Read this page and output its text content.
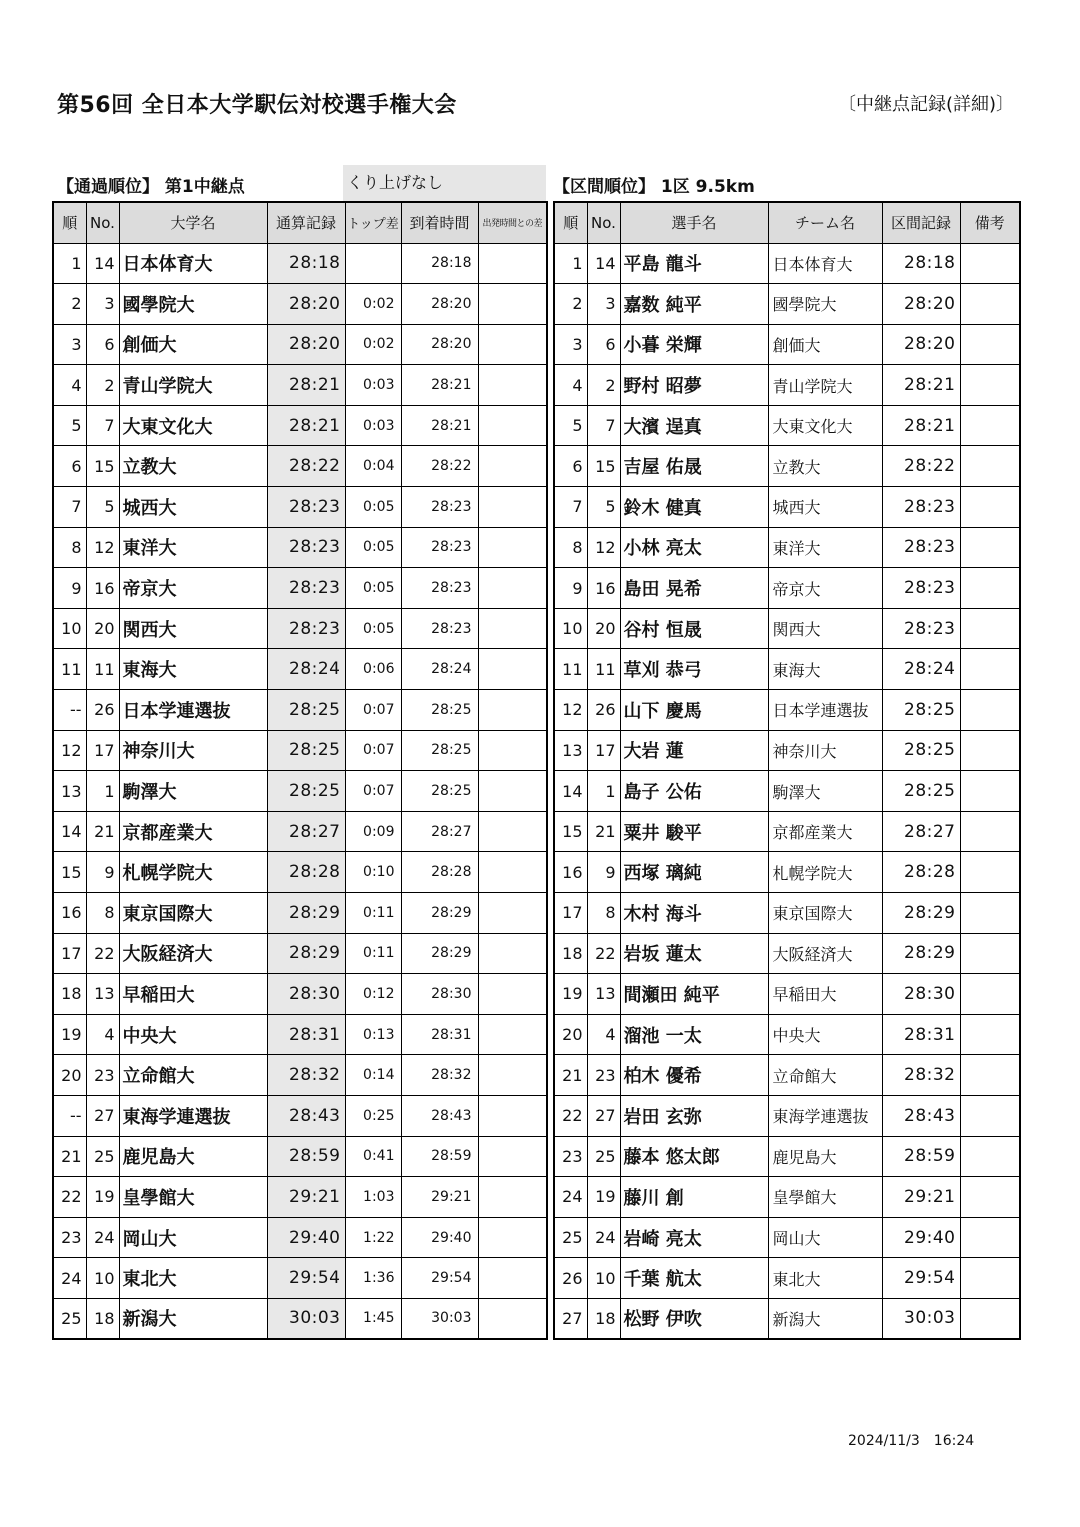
第56回 全日本大学駅伝対校選手権大会	〔中継点記録(詳細)〕
【通過順位】 第1中継点	くり上げなし	【区間順位】 1区 9.5km
順	No.	大学名	通算記録	トップ差	到着時間	出発時間との差
1	14	日本体育大	28:18		28:18	
2	3	國學院大	28:20	0:02	28:20	
3	6	創価大	28:20	0:02	28:20	
4	2	青山学院大	28:21	0:03	28:21	
5	7	大東文化大	28:21	0:03	28:21	
6	15	立教大	28:22	0:04	28:22	
7	5	城西大	28:23	0:05	28:23	
8	12	東洋大	28:23	0:05	28:23	
9	16	帝京大	28:23	0:05	28:23	
10	20	関西大	28:23	0:05	28:23	
11	11	東海大	28:24	0:06	28:24	
--	26	日本学連選抜	28:25	0:07	28:25	
12	17	神奈川大	28:25	0:07	28:25	
13	1	駒澤大	28:25	0:07	28:25	
14	21	京都産業大	28:27	0:09	28:27	
15	9	札幌学院大	28:28	0:10	28:28	
16	8	東京国際大	28:29	0:11	28:29	
17	22	大阪経済大	28:29	0:11	28:29	
18	13	早稲田大	28:30	0:12	28:30	
19	4	中央大	28:31	0:13	28:31	
20	23	立命館大	28:32	0:14	28:32	
--	27	東海学連選抜	28:43	0:25	28:43	
21	25	鹿児島大	28:59	0:41	28:59	
22	19	皇學館大	29:21	1:03	29:21	
23	24	岡山大	29:40	1:22	29:40	
24	10	東北大	29:54	1:36	29:54	
25	18	新潟大	30:03	1:45	30:03	
順	No.	選手名	チーム名	区間記録	備考
1	14	平島 龍斗	日本体育大	28:18	
2	3	嘉数 純平	國學院大	28:20	
3	6	小暮 栄輝	創価大	28:20	
4	2	野村 昭夢	青山学院大	28:21	
5	7	大濱 逞真	大東文化大	28:21	
6	15	吉屋 佑晟	立教大	28:22	
7	5	鈴木 健真	城西大	28:23	
8	12	小林 亮太	東洋大	28:23	
9	16	島田 晃希	帝京大	28:23	
10	20	谷村 恒晟	関西大	28:23	
11	11	草刈 恭弓	東海大	28:24	
12	26	山下 慶馬	日本学連選抜	28:25	
13	17	大岩 蓮	神奈川大	28:25	
14	1	島子 公佑	駒澤大	28:25	
15	21	粟井 駿平	京都産業大	28:27	
16	9	西塚 璃純	札幌学院大	28:28	
17	8	木村 海斗	東京国際大	28:29	
18	22	岩坂 蓮太	大阪経済大	28:29	
19	13	間瀬田 純平	早稲田大	28:30	
20	4	溜池 一太	中央大	28:31	
21	23	柏木 優希	立命館大	28:32	
22	27	岩田 玄弥	東海学連選抜	28:43	
23	25	藤本 悠太郎	鹿児島大	28:59	
24	19	藤川 創	皇學館大	29:21	
25	24	岩崎 亮太	岡山大	29:40	
26	10	千葉 航太	東北大	29:54	
27	18	松野 伊吹	新潟大	30:03	
2024/11/3　16:24
